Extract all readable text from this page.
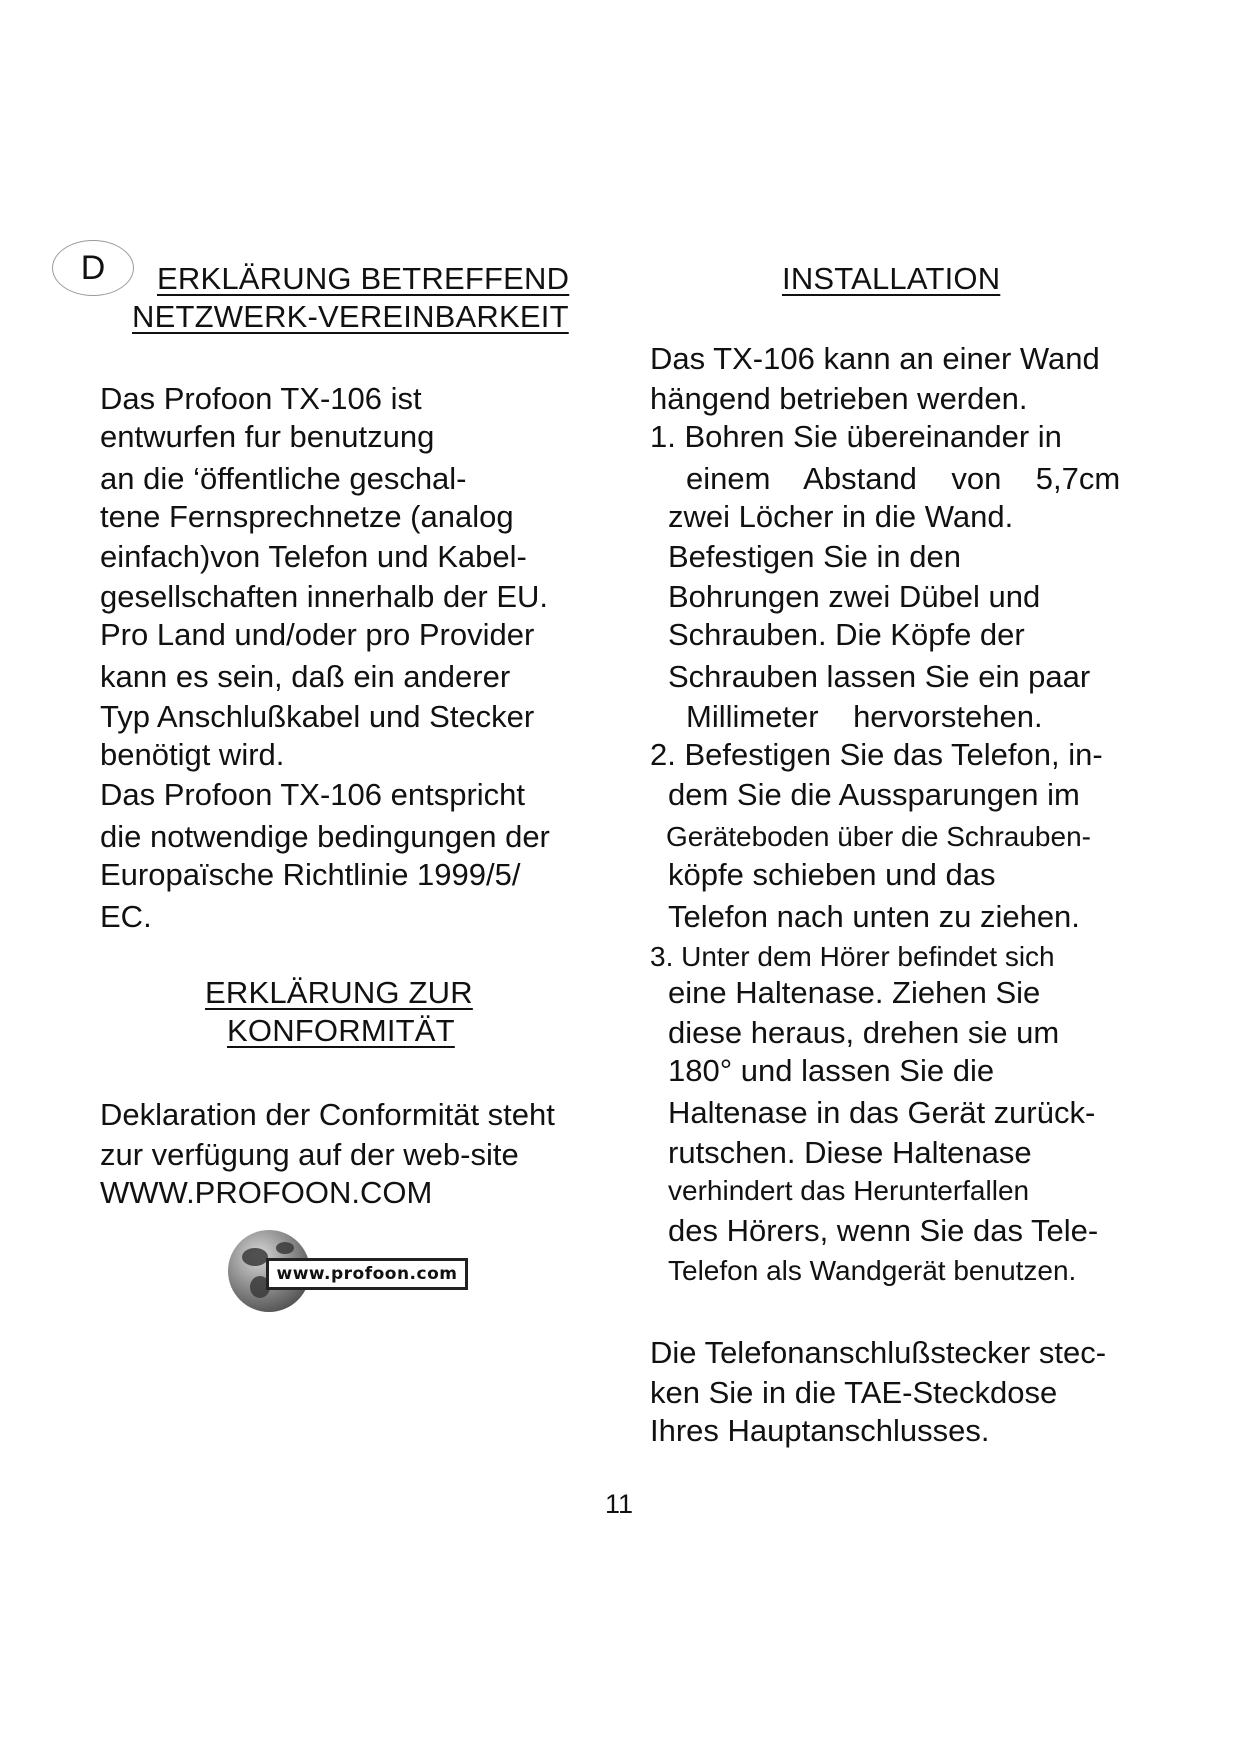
D	ERKLÄRUNG BETREFFEND
NETZWERK-VEREINBARKEIT
Das Profoon TX-106 ist
entwurfen fur benutzung
an die ‘öffentliche geschal-
tene Fernsprechnetze (analog
einfach)von Telefon und Kabel-
gesellschaften innerhalb der EU.
Pro Land und/oder pro Provider
kann es sein, daß ein anderer
Typ Anschlußkabel und Stecker
benötigt wird.
Das Profoon TX-106 entspricht
die notwendige bedingungen der
Europaïsche Richtlinie 1999/5/
EC.
ERKLÄRUNG ZUR
KONFORMITÄT
Deklaration der Conformität steht
zur verfügung auf der web-site
WWW.PROFOON.COM
www.profoon.com
INSTALLATION
Das TX-106 kann an einer Wand
hängend betrieben werden.
1. Bohren Sie übereinander in
einem    Abstand    von    5,7cm
zwei Löcher in die Wand.
Befestigen Sie in den
Bohrungen zwei Dübel und
Schrauben. Die Köpfe der
Schrauben lassen Sie ein paar
Millimeter    hervorstehen.
2. Befestigen Sie das Telefon, in-
dem Sie die Aussparungen im
Geräteboden über die Schrauben-
köpfe schieben und das
Telefon nach unten zu ziehen.
3. Unter dem Hörer befindet sich
eine Haltenase. Ziehen Sie
diese heraus, drehen sie um
180° und lassen Sie die
Haltenase in das Gerät zurück-
rutschen. Diese Haltenase
verhindert das Herunterfallen
des Hörers, wenn Sie das Tele-
Telefon als Wandgerät benutzen.
Die Telefonanschlußstecker stec-
ken Sie in die TAE-Steckdose
Ihres Hauptanschlusses.
11
